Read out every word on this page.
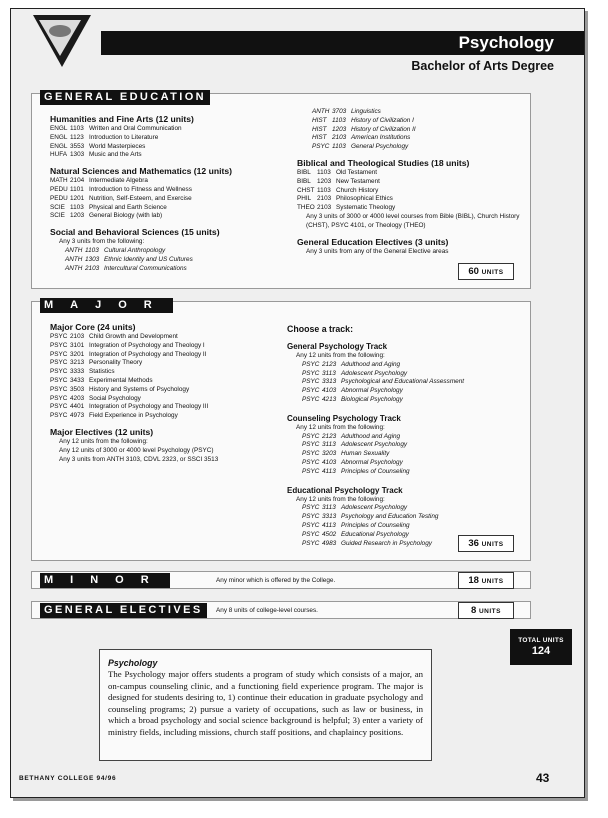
Psychology
Bachelor of Arts Degree
GENERAL EDUCATION
Humanities and Fine Arts (12 units)
ENGL 1103 Written and Oral Communication
ENGL 1123 Introduction to Literature
ENGL 3553 World Masterpieces
HUFA 1303 Music and the Arts
Natural Sciences and Mathematics (12 units)
MATH 2104 Intermediate Algebra
PEDU 1101 Introduction to Fitness and Wellness
PEDU 1201 Nutrition, Self-Esteem, and Exercise
SCIE 1103 Physical and Earth Science
SCIE 1203 General Biology (with lab)
Social and Behavioral Sciences (15 units)
Any 3 units from the following:
ANTH 1103 Cultural Anthropology
ANTH 1303 Ethnic Identity and US Cultures
ANTH 2103 Intercultural Communications
ANTH 3703 Linguistics
HIST 1103 History of Civilization I
HIST 1203 History of Civilization II
HIST 2103 American Institutions
PSYC 1103 General Psychology
Biblical and Theological Studies (18 units)
BIBL 1103 Old Testament
BIBL 1203 New Testament
CHST 1103 Church History
PHIL 2103 Philosophical Ethics
THEO 2103 Systematic Theology
Any 3 units of 3000 or 4000 level courses from Bible (BIBL), Church History
(CHST), PSYC 4101, or Theology (THEO)
General Education Electives (3 units)
Any 3 units from any of the General Elective areas
60 UNITS
MAJOR
Major Core (24 units)
PSYC 2103 Child Growth and Development
PSYC 3101 Integration of Psychology and Theology I
PSYC 3201 Integration of Psychology and Theology II
PSYC 3213 Personality Theory
PSYC 3333 Statistics
PSYC 3433 Experimental Methods
PSYC 3503 History and Systems of Psychology
PSYC 4203 Social Psychology
PSYC 4401 Integration of Psychology and Theology III
PSYC 4973 Field Experience in Psychology
Major Electives (12 units)
Any 12 units from the following:
Any 12 units of 3000 or 4000 level Psychology (PSYC)
Any 3 units from ANTH 3103, CDVL 2323, or SSCI 3513
Choose a track:
General Psychology Track
Any 12 units from the following:
PSYC 2123 Adulthood and Aging
PSYC 3113 Adolescent Psychology
PSYC 3313 Psychological and Educational Assessment
PSYC 4103 Abnormal Psychology
PSYC 4213 Biological Psychology
Counseling Psychology Track
Any 12 units from the following:
PSYC 2123 Adulthood and Aging
PSYC 3113 Adolescent Psychology
PSYC 3203 Human Sexuality
PSYC 4103 Abnormal Psychology
PSYC 4113 Principles of Counseling
Educational Psychology Track
Any 12 units from the following:
PSYC 3113 Adolescent Psychology
PSYC 3313 Psychology and Education Testing
PSYC 4113 Principles of Counseling
PSYC 4502 Educational Psychology
PSYC 4983 Guided Research in Psychology	36 UNITS
MINOR	Any minor which is offered by the College.	18 UNITS
GENERAL ELECTIVES	Any 8 units of college-level courses.	8 UNITS
TOTAL UNITS
124
Psychology
The Psychology major offers students a program of study which consists of a major, an on-campus counseling clinic, and a functioning field experience program. The major is designed for students desiring to, 1) continue their education in graduate psychology and counseling programs; 2) pursue a variety of occupations, such as law or business, in which a broad psychology and social science background is helpful; 3) enter a variety of ministry fields, including missions, church staff positions, and chaplaincy positions.
BETHANY COLLEGE 94/96	43
